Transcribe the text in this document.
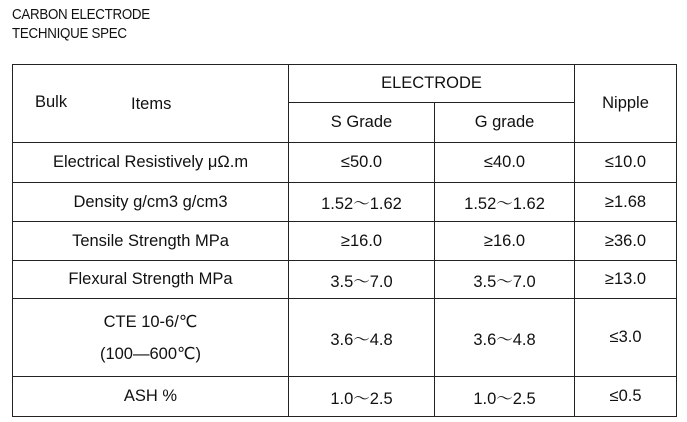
CARBON ELECTRODE
TECHNIQUE SPEC
Bulk Items	ELECTRODE		Nipple
	S Grade	G grade	
Electrical Resistively μΩ.m	≤50.0	≤40.0	≤10.0
Density g/cm3 g/cm3	1.52～1.62	1.52～1.62	≥1.68
Tensile Strength MPa	≥16.0	≥16.0	≥36.0
Flexural Strength MPa	3.5～7.0	3.5～7.0	≥13.0

CTE 10-6/℃
(100—600℃)	3.6～4.8	3.6～4.8	≤3.0
ASH %	1.0～2.5	1.0～2.5	≤0.5
